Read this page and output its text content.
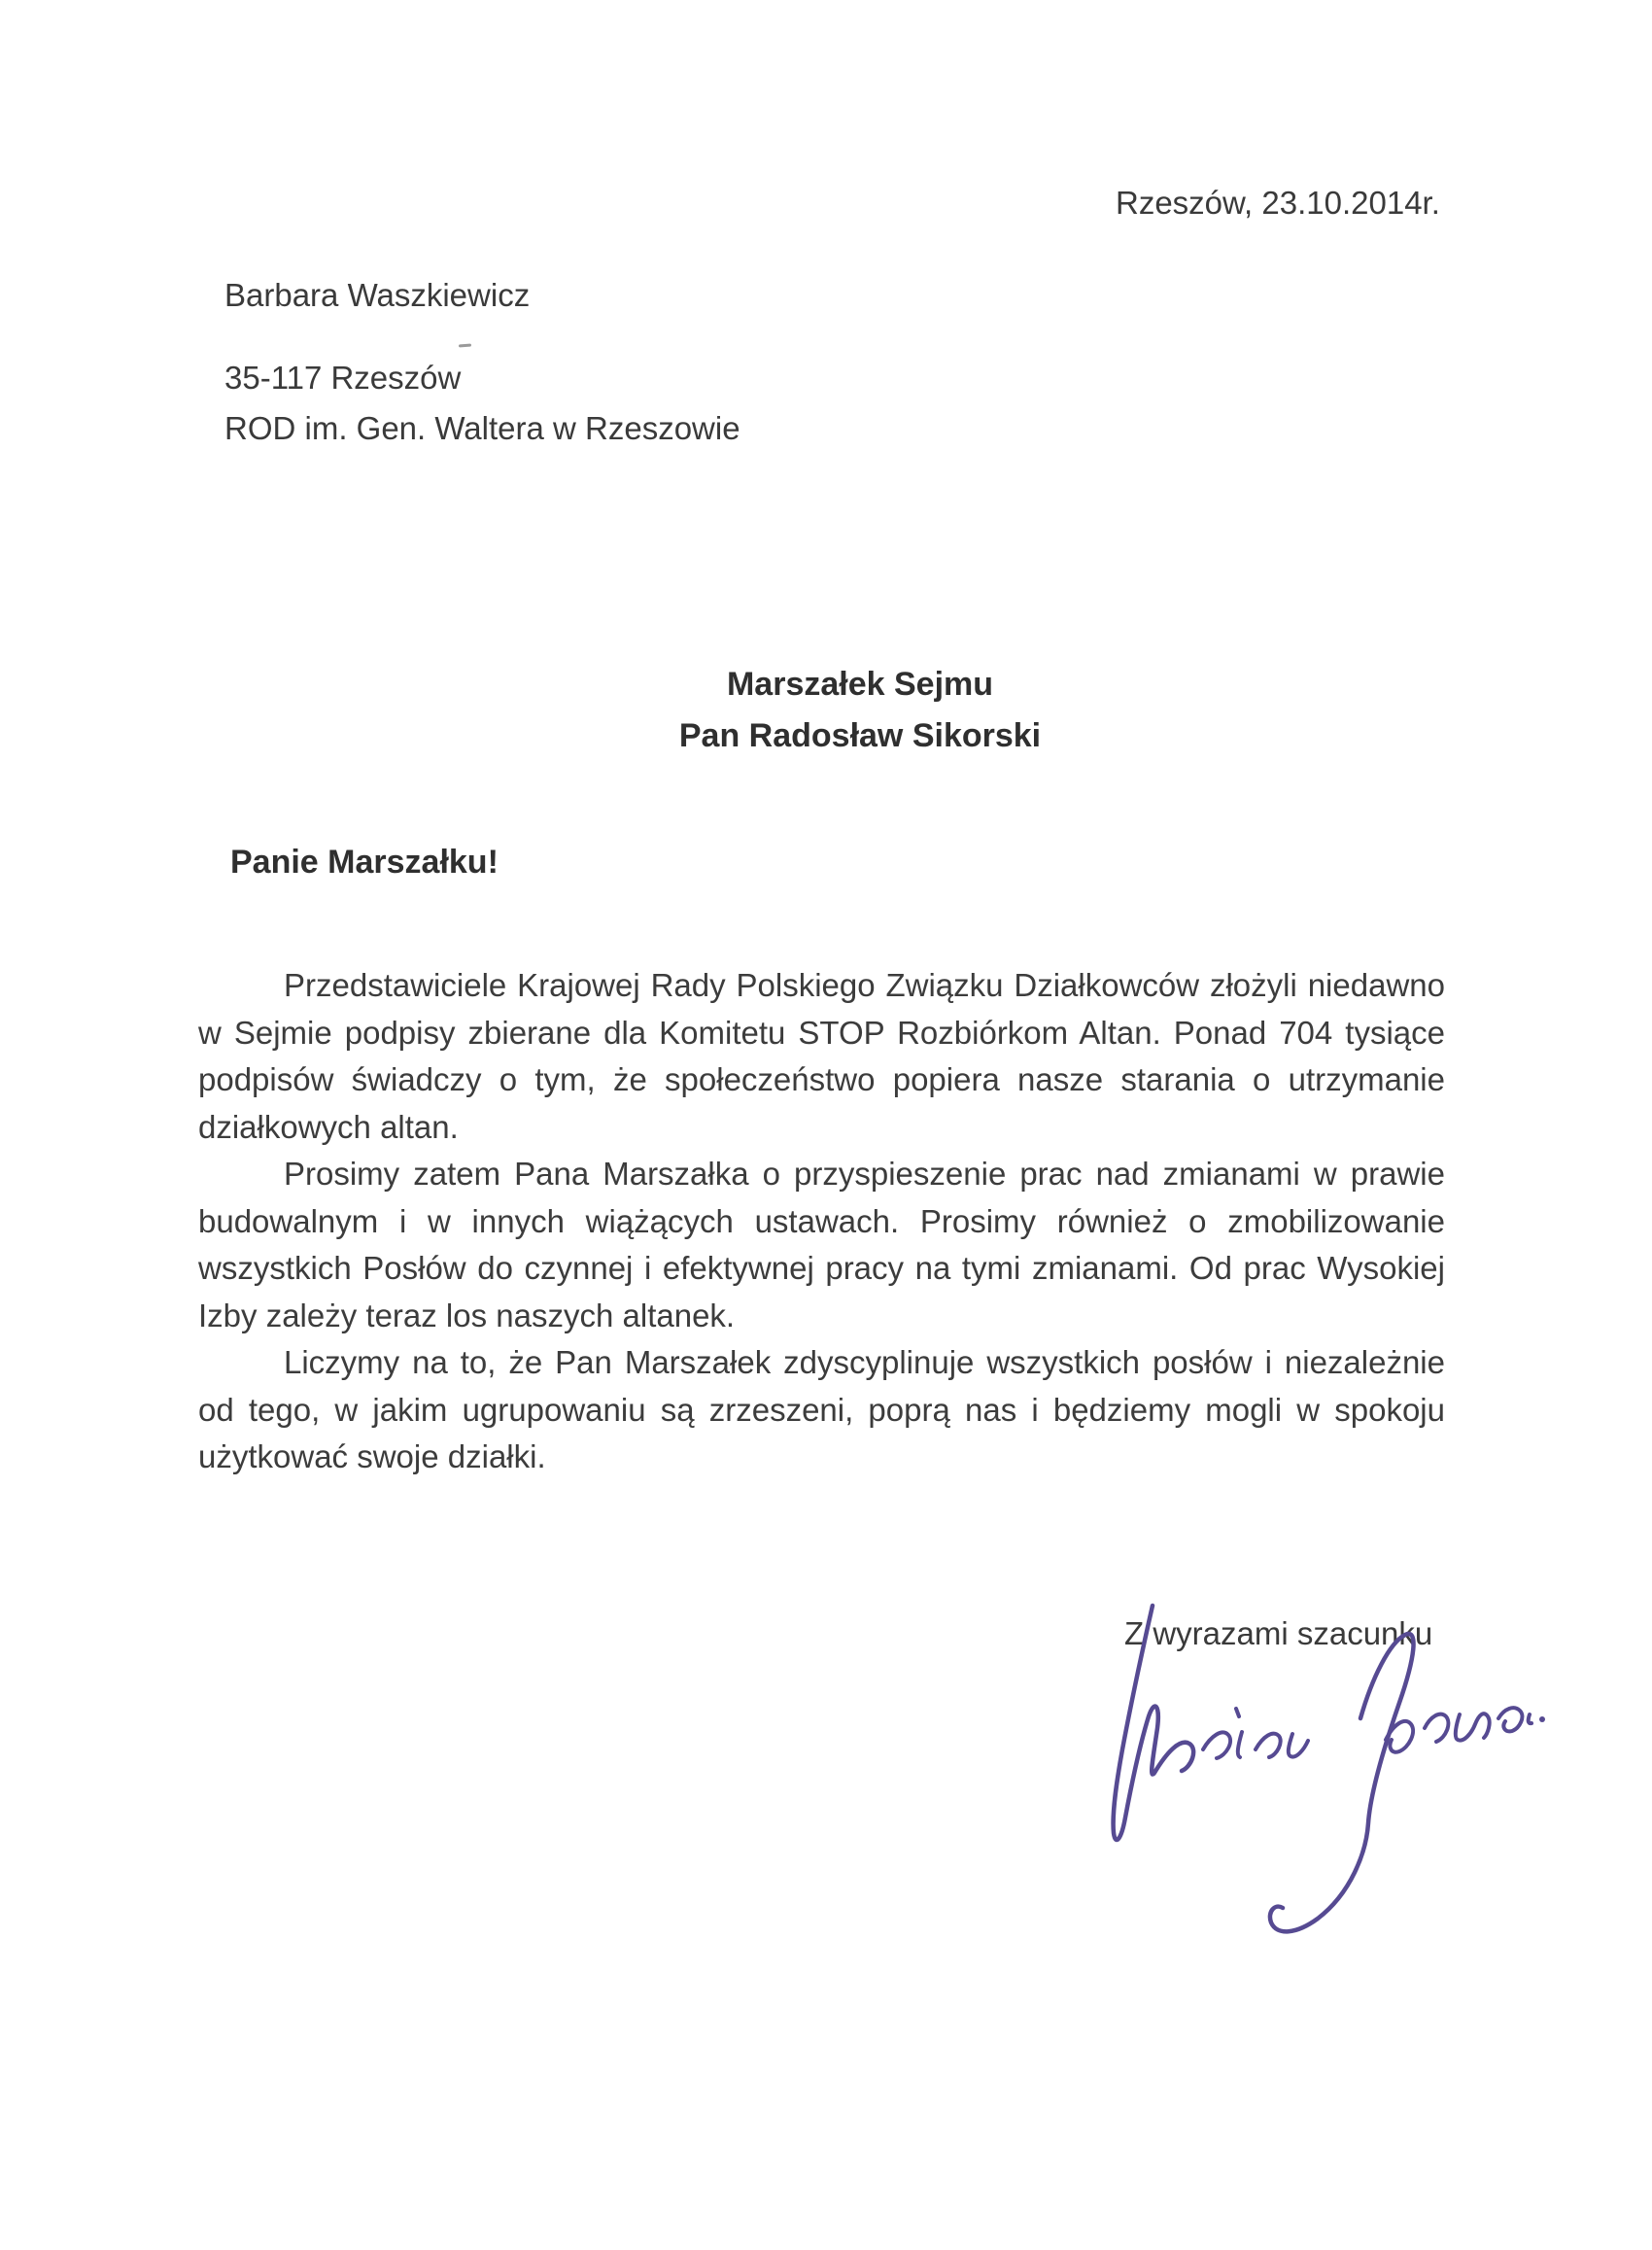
Rzeszów, 23.10.2014r.
Barbara Waszkiewicz
35-117 Rzeszów
ROD im. Gen. Waltera w Rzeszowie
Marszałek Sejmu
Pan Radosław Sikorski
Panie Marszałku!

Przedstawiciele Krajowej Rady Polskiego Związku Działkowców złożyli niedawno w Sejmie podpisy zbierane dla Komitetu STOP Rozbiórkom Altan. Ponad 704 tysiące podpisów świadczy o tym, że społeczeństwo popiera nasze starania o utrzymanie działkowych altan.

Prosimy zatem Pana Marszałka o przyspieszenie prac nad zmianami w prawie budowalnym i w innych wiążących ustawach. Prosimy również o zmobilizowanie wszystkich Posłów do czynnej i efektywnej pracy na tymi zmianami. Od prac Wysokiej Izby zależy teraz los naszych altanek.

Liczymy na to, że Pan Marszałek zdyscyplinuje wszystkich posłów i niezależnie od tego, w jakim ugrupowaniu są zrzeszeni, poprą nas i będziemy mogli w spokoju użytkować swoje działki.

Z wyrazami szacunku
